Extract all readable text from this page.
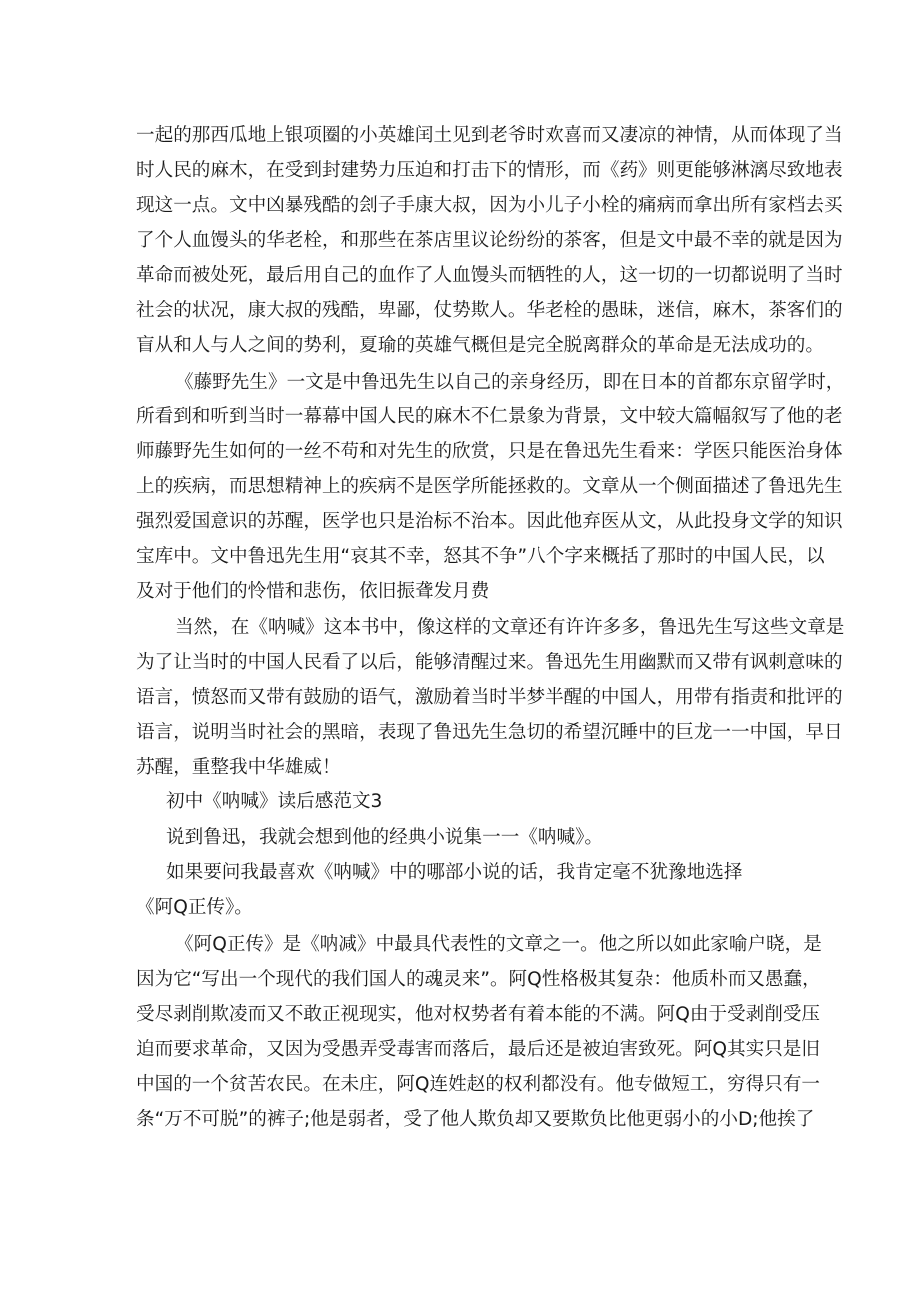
一起的那西瓜地上银项圈的小英雄闰土见到老爷时欢喜而又凄凉的神情，从而体现了当
时人民的麻木，在受到封建势力压迫和打击下的情形，而《药》则更能够淋漓尽致地表
现这一点。文中凶暴残酷的刽子手康大叔，因为小儿子小栓的痛病而拿出所有家档去买
了个人血馒头的华老栓，和那些在茶店里议论纷纷的茶客，但是文中最不幸的就是因为
革命而被处死，最后用自己的血作了人血馒头而牺牲的人，这一切的一切都说明了当时
社会的状况，康大叔的残酷，卑鄙，仗势欺人。华老栓的愚昧，迷信，麻木，茶客们的
盲从和人与人之间的势利，夏瑜的英雄气概但是完全脱离群众的革命是无法成功的。
《藤野先生》一文是中鲁迅先生以自己的亲身经历，即在日本的首都东京留学时，
所看到和听到当时一幕幕中国人民的麻木不仁景象为背景，文中较大篇幅叙写了他的老
师藤野先生如何的一丝不苟和对先生的欣赏，只是在鲁迅先生看来：学医只能医治身体
上的疾病，而思想精神上的疾病不是医学所能拯救的。文章从一个侧面描述了鲁迅先生
强烈爱国意识的苏醒，医学也只是治标不治本。因此他弃医从文，从此投身文学的知识
宝库中。文中鲁迅先生用“哀其不幸，怒其不争”八个字来概括了那时的中国人民，以
及对于他们的怜惜和悲伤，依旧振聋发月费
当然，在《呐喊》这本书中，像这样的文章还有许许多多，鲁迅先生写这些文章是
为了让当时的中国人民看了以后，能够清醒过来。鲁迅先生用幽默而又带有讽刺意味的
语言，愤怒而又带有鼓励的语气，激励着当时半梦半醒的中国人，用带有指责和批评的
语言，说明当时社会的黑暗，表现了鲁迅先生急切的希望沉睡中的巨龙一一中国，早日
苏醒，重整我中华雄威！
初中《呐喊》读后感范文3
说到鲁迅，我就会想到他的经典小说集一一《呐喊》。
如果要问我最喜欢《呐喊》中的哪部小说的话，我肯定毫不犹豫地选择
《阿Q正传》。
《阿Q正传》是《呐减》中最具代表性的文章之一。他之所以如此家喻户晓，是
因为它“写出一个现代的我们国人的魂灵来”。阿Q性格极其复杂：他质朴而又愚蠢，
受尽剥削欺凌而又不敢正视现实，他对权势者有着本能的不满。阿Q由于受剥削受压
迫而要求革命，又因为受愚弄受毒害而落后，最后还是被迫害致死。阿Q其实只是旧
中国的一个贫苦农民。在未庄，阿Q连姓赵的权利都没有。他专做短工，穷得只有一
条“万不可脱”的裤子;他是弱者，受了他人欺负却又要欺负比他更弱小的小D;他挨了
